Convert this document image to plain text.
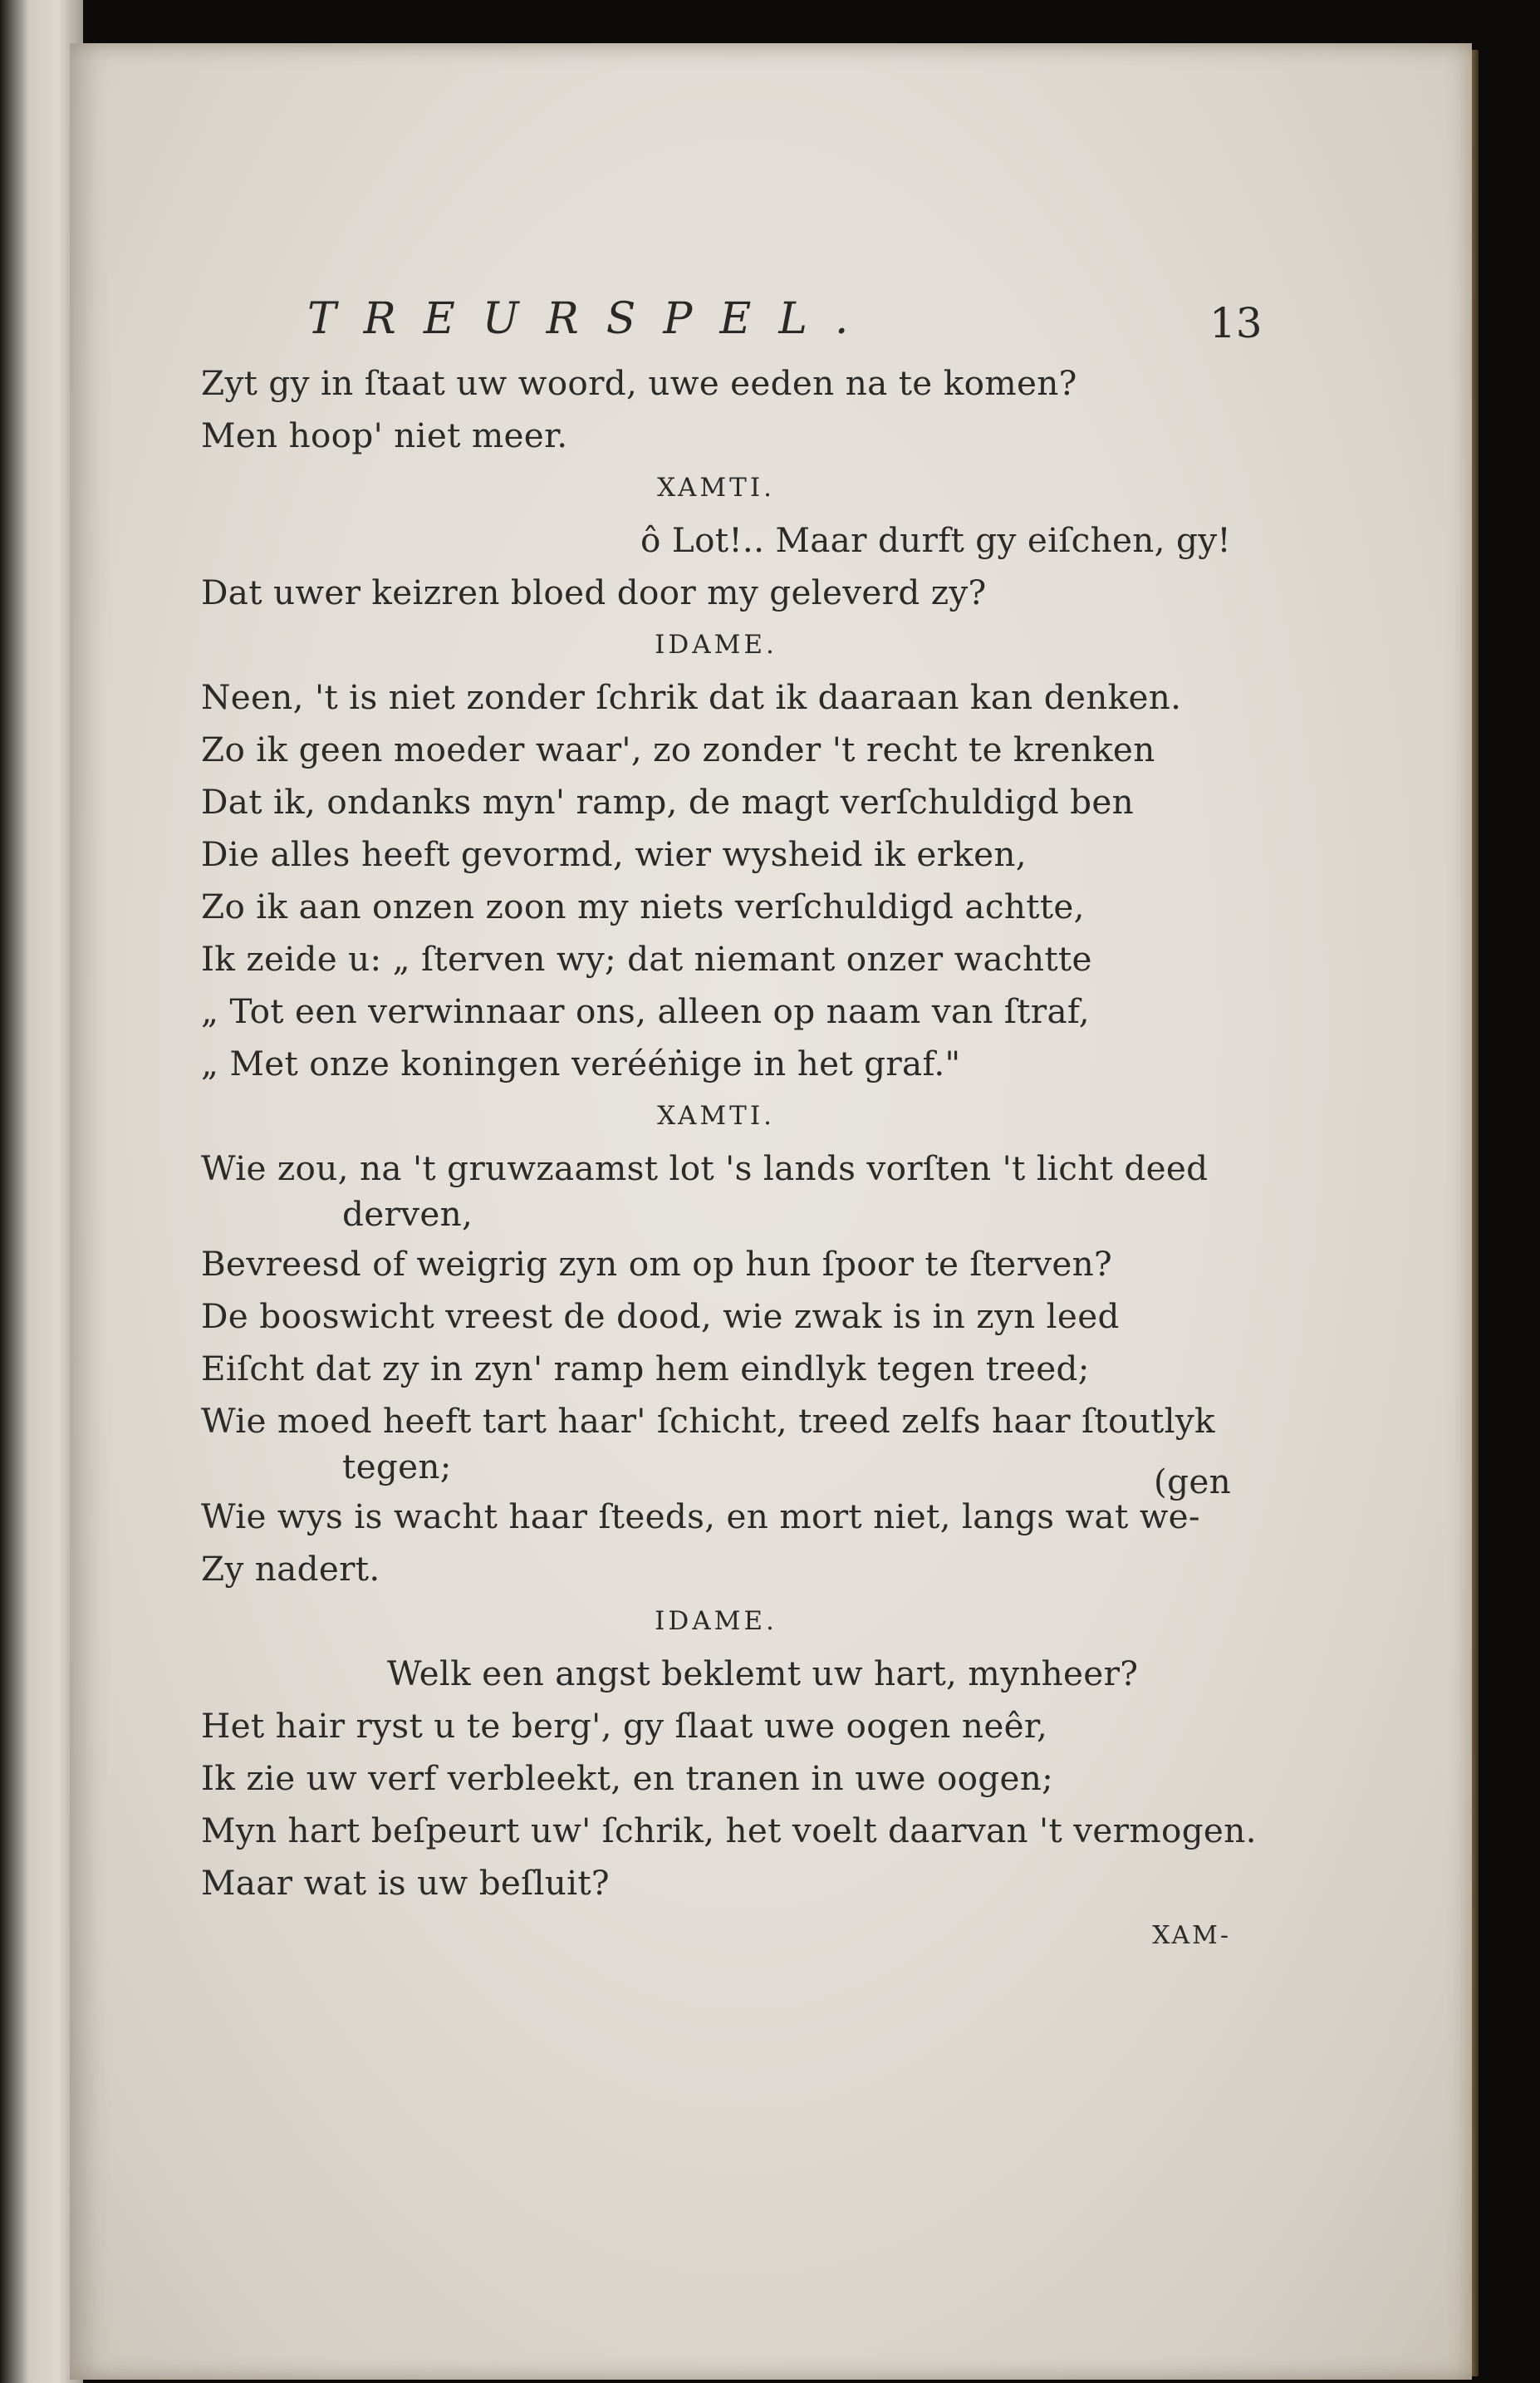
TREURSPEL.	13
Zyt gy in ſtaat uw woord, uwe eeden na te komen?
Men hoop' niet meer.
XAMTI.
ô Lot!.. Maar durft gy eiſchen, gy!
Dat uwer keizren bloed door my geleverd zy?
IDAME.
Neen, 't is niet zonder ſchrik dat ik daaraan kan denken.
Zo ik geen moeder waar', zo zonder 't recht te krenken
Dat ik, ondanks myn' ramp, de magt verſchuldigd ben
Die alles heeft gevormd, wier wysheid ik erken,
Zo ik aan onzen zoon my niets verſchuldigd achtte,
Ik zeide u: „ ſterven wy; dat niemant onzer wachtte
„ Tot een verwinnaar ons, alleen op naam van ſtraf,
„ Met onze koningen verééṅige in het graf."
XAMTI.
Wie zou, na 't gruwzaamst lot 's lands vorſten 't licht deed
derven,
Bevreesd of weigrig zyn om op hun ſpoor te ſterven?
De booswicht vreest de dood, wie zwak is in zyn leed
Eiſcht dat zy in zyn' ramp hem eindlyk tegen treed;
Wie moed heeft tart haar' ſchicht, treed zelfs haar ſtoutlyk
tegen;	(gen
Wie wys is wacht haar ſteeds, en mort niet, langs wat we-
Zy nadert.
IDAME.
Welk een angst beklemt uw hart, mynheer?
Het hair ryst u te berg', gy ſlaat uwe oogen neêr,
Ik zie uw verf verbleekt, en tranen in uwe oogen;
Myn hart beſpeurt uw' ſchrik, het voelt daarvan 't vermogen.
Maar wat is uw beſluit?
XAM-
